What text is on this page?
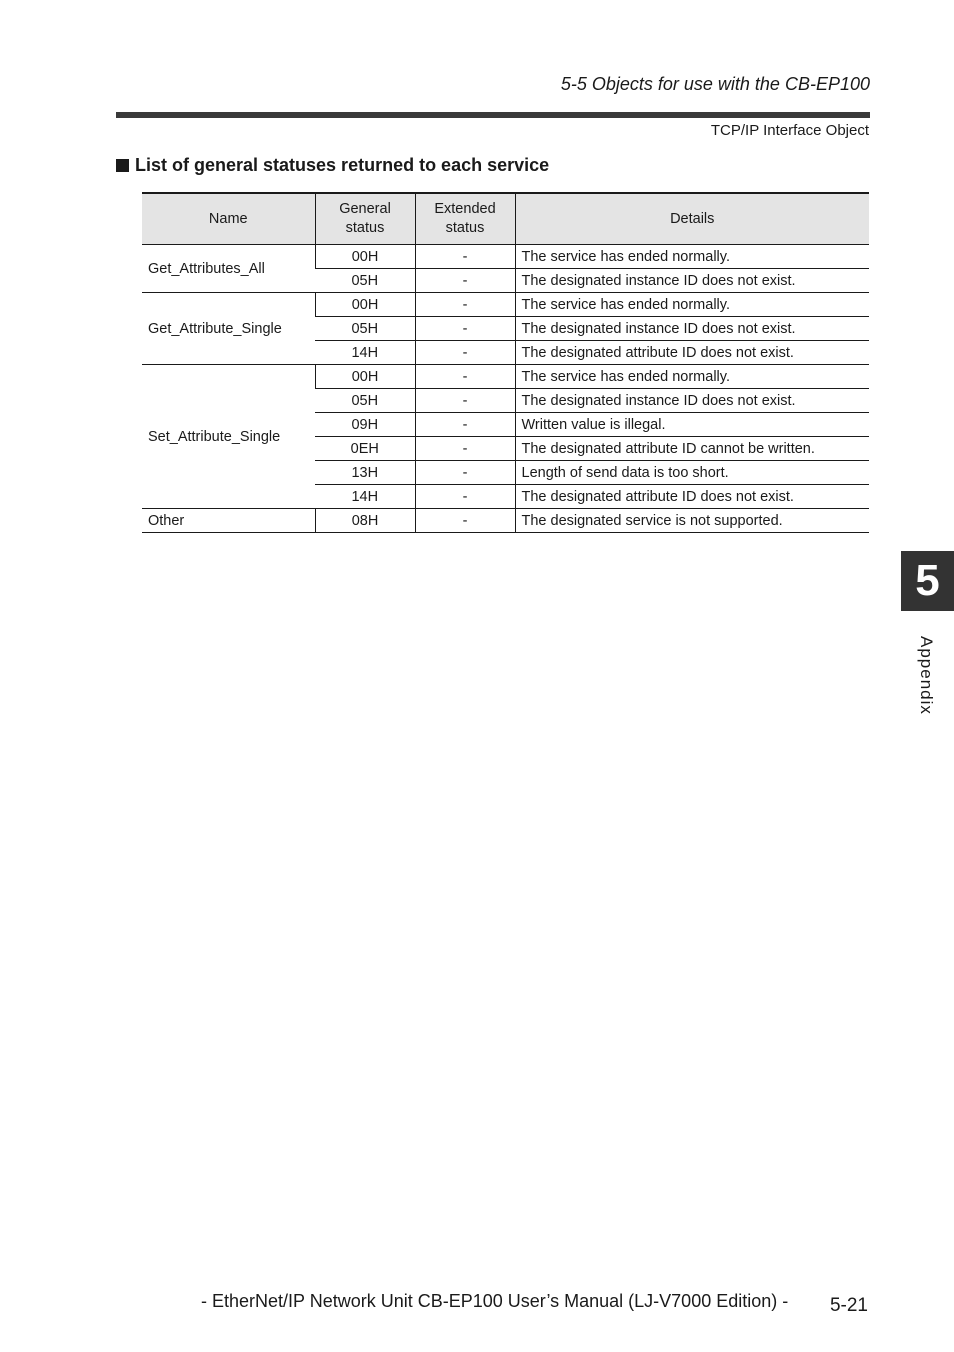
5-5 Objects for use with the CB-EP100
TCP/IP Interface Object
List of general statuses returned to each service
Name	General status	Extended status	Details
Get_Attributes_All	00H	-	The service has ended normally.
	05H	-	The designated instance ID does not exist.
Get_Attribute_Single	00H	-	The service has ended normally.
	05H	-	The designated instance ID does not exist.
	14H	-	The designated attribute ID does not exist.
Set_Attribute_Single	00H	-	The service has ended normally.
	05H	-	The designated instance ID does not exist.
	09H	-	Written value is illegal.
	0EH	-	The designated attribute ID cannot be written.
	13H	-	Length of send data is too short.
	14H	-	The designated attribute ID does not exist.
Other	08H	-	The designated service is not supported.
5
Appendix
- EtherNet/IP Network Unit CB-EP100 User’s Manual (LJ-V7000 Edition) - 5-21
